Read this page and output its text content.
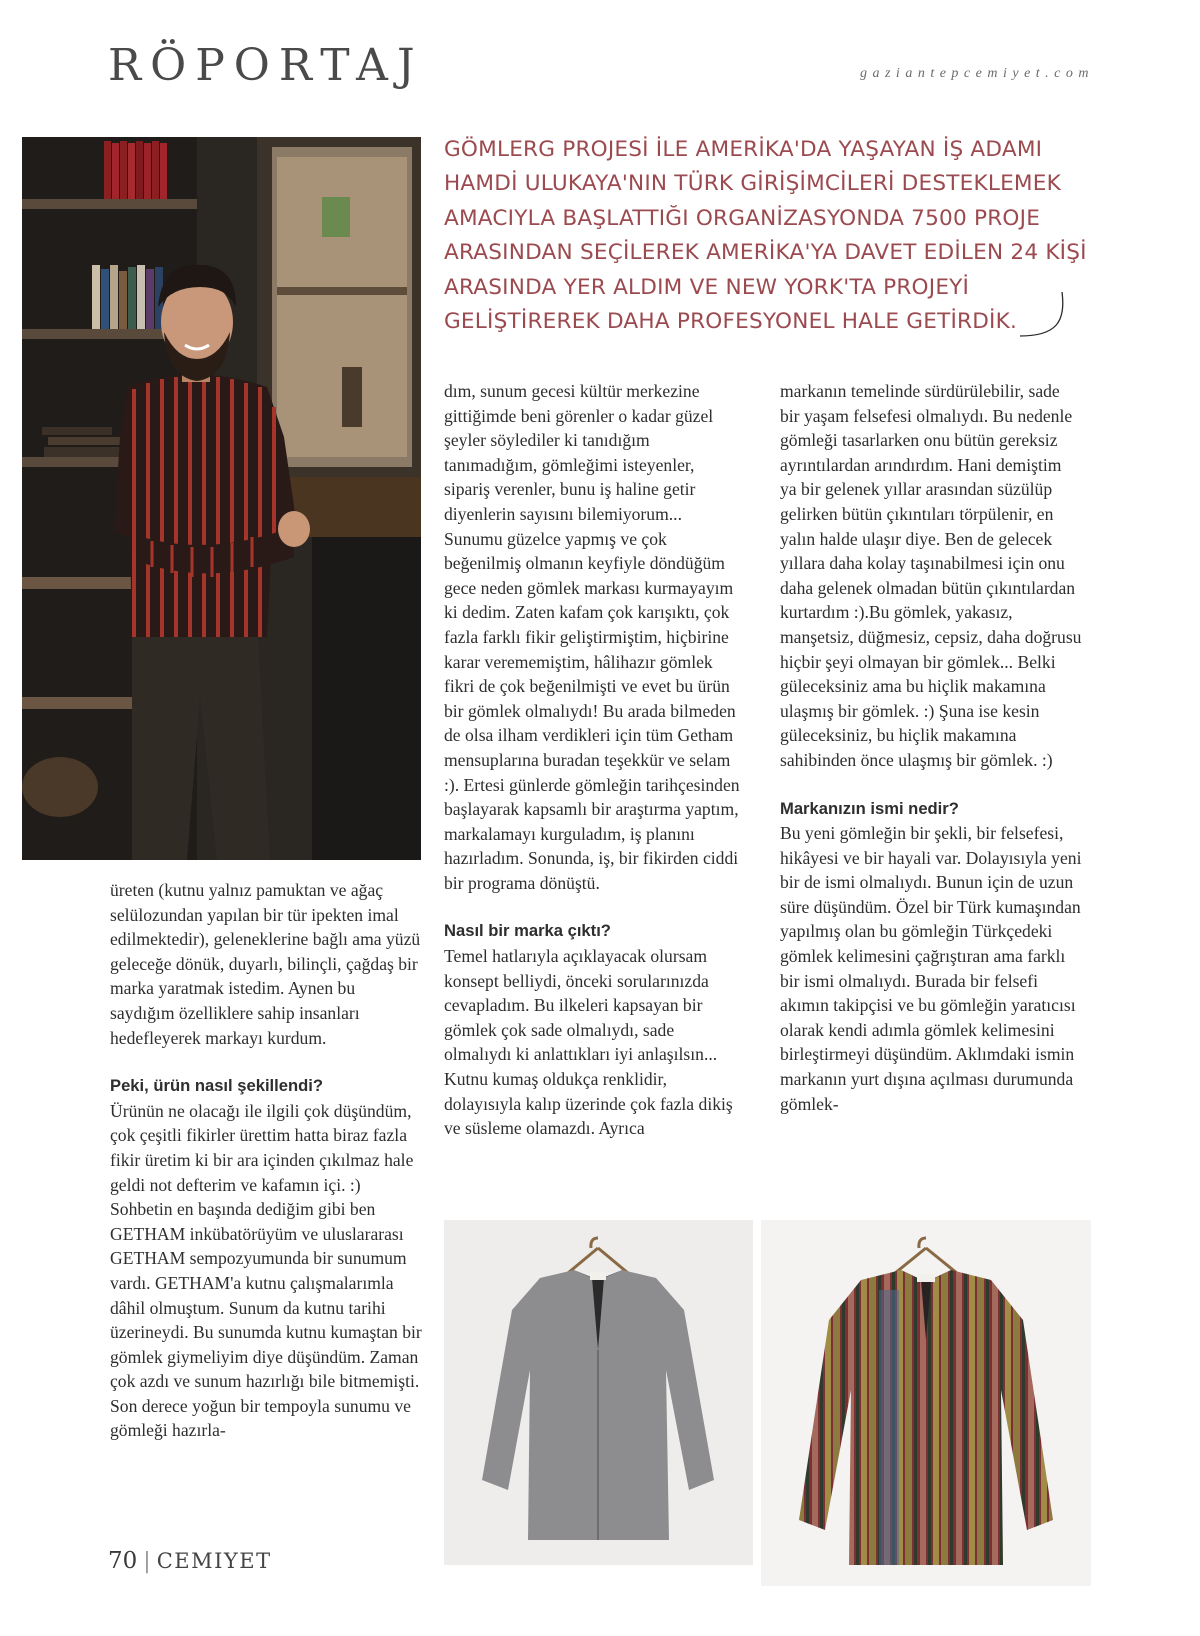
RÖPORTAJ	gaziantepcemiyet.com
GÖMLERG PROJESİ İLE AMERİKA'DA YAŞAYAN İŞ ADAMI HAMDİ ULUKAYA'NIN TÜRK GİRİŞİMCİLERİ DESTEKLEMEK AMACIYLA BAŞLATTIĞI ORGANİZASYONDA 7500 PROJE ARASINDAN SEÇİLEREK AMERİKA'YA DAVET EDİLEN 24 KİŞİ ARASINDA YER ALDIM VE NEW YORK'TA PROJEYİ GELİŞTİREREK DAHA PROFESYONEL HALE GETİRDİK.

üreten (kutnu yalnız pamuktan ve ağaç selülozundan yapılan bir tür ipekten imal edilmektedir), geleneklerine bağlı ama yüzü geleceğe dönük, duyarlı, bilinçli, çağdaş bir marka yaratmak istedim. Aynen bu saydığım özelliklere sahip insanları hedefleyerek markayı kurdum.

Peki, ürün nasıl şekillendi?

Ürünün ne olacağı ile ilgili çok düşündüm, çok çeşitli fikirler ürettim hatta biraz fazla fikir üretim ki bir ara içinden çıkılmaz hale geldi not defterim ve kafamın içi. :)

Sohbetin en başında dediğim gibi ben GETHAM inkübatörüyüm ve uluslararası GETHAM sempozyumunda bir sunumum vardı. GETHAM'a kutnu çalışmalarımla dâhil olmuştum. Sunum da kutnu tarihi üzerineydi. Bu sunumda kutnu kumaştan bir gömlek giymeliyim diye düşündüm. Zaman çok azdı ve sunum hazırlığı bile bitmemişti. Son derece yoğun bir tempoyla sunumu ve gömleği hazırla-

dım, sunum gecesi kültür merkezine gittiğimde beni görenler o kadar güzel şeyler söylediler ki tanıdığım tanımadığım, gömleğimi isteyenler, sipariş verenler, bunu iş haline getir diyenlerin sayısını bilemiyorum...

Sunumu güzelce yapmış ve çok beğenilmiş olmanın keyfiyle döndüğüm gece neden gömlek markası kurmayayım ki dedim. Zaten kafam çok karışıktı, çok fazla farklı fikir geliştirmiştim, hiçbirine karar verememiştim, hâlihazır gömlek fikri de çok beğenilmişti ve evet bu ürün bir gömlek olmalıydı! Bu arada bilmeden de olsa ilham verdikleri için tüm Getham mensuplarına buradan teşekkür ve selam :). Ertesi günlerde gömleğin tarihçesinden başlayarak kapsamlı bir araştırma yaptım, markalamayı kurguladım, iş planını hazırladım. Sonunda, iş, bir fikirden ciddi bir programa dönüştü.

Nasıl bir marka çıktı?

Temel hatlarıyla açıklayacak olursam konsept belliydi, önceki sorularınızda cevapladım. Bu ilkeleri kapsayan bir gömlek çok sade olmalıydı, sade olmalıydı ki anlattıkları iyi anlaşılsın... Kutnu kumaş oldukça renklidir, dolayısıyla kalıp üzerinde çok fazla dikiş ve süsleme olamazdı. Ayrıca

markanın temelinde sürdürülebilir, sade bir yaşam felsefesi olmalıydı. Bu nedenle gömleği tasarlarken onu bütün gereksiz ayrıntılardan arındırdım. Hani demiştim ya bir gelenek yıllar arasından süzülüp gelirken bütün çıkıntıları törpülenir, en yalın halde ulaşır diye. Ben de gelecek yıllara daha kolay taşınabilmesi için onu daha gelenek olmadan bütün çıkıntılardan kurtardım :).Bu gömlek, yakasız, manşetsiz, düğmesiz, cepsiz, daha doğrusu hiçbir şeyi olmayan bir gömlek... Belki güleceksiniz ama bu hiçlik makamına ulaşmış bir gömlek. :) Şuna ise kesin güleceksiniz, bu hiçlik makamına sahibinden önce ulaşmış bir gömlek. :)

Markanızın ismi nedir?

Bu yeni gömleğin bir şekli, bir felsefesi, hikâyesi ve bir hayali var. Dolayısıyla yeni bir de ismi olmalıydı. Bunun için de uzun süre düşündüm. Özel bir Türk kumaşından yapılmış olan bu gömleğin Türkçedeki gömlek kelimesini çağrıştıran ama farklı bir ismi olmalıydı. Burada bir felsefi akımın takipçisi ve bu gömleğin yaratıcısı olarak kendi adımla gömlek kelimesini birleştirmeyi düşündüm. Aklımdaki ismin markanın yurt dışına açılması durumunda gömlek-

70 | CEMIYET
